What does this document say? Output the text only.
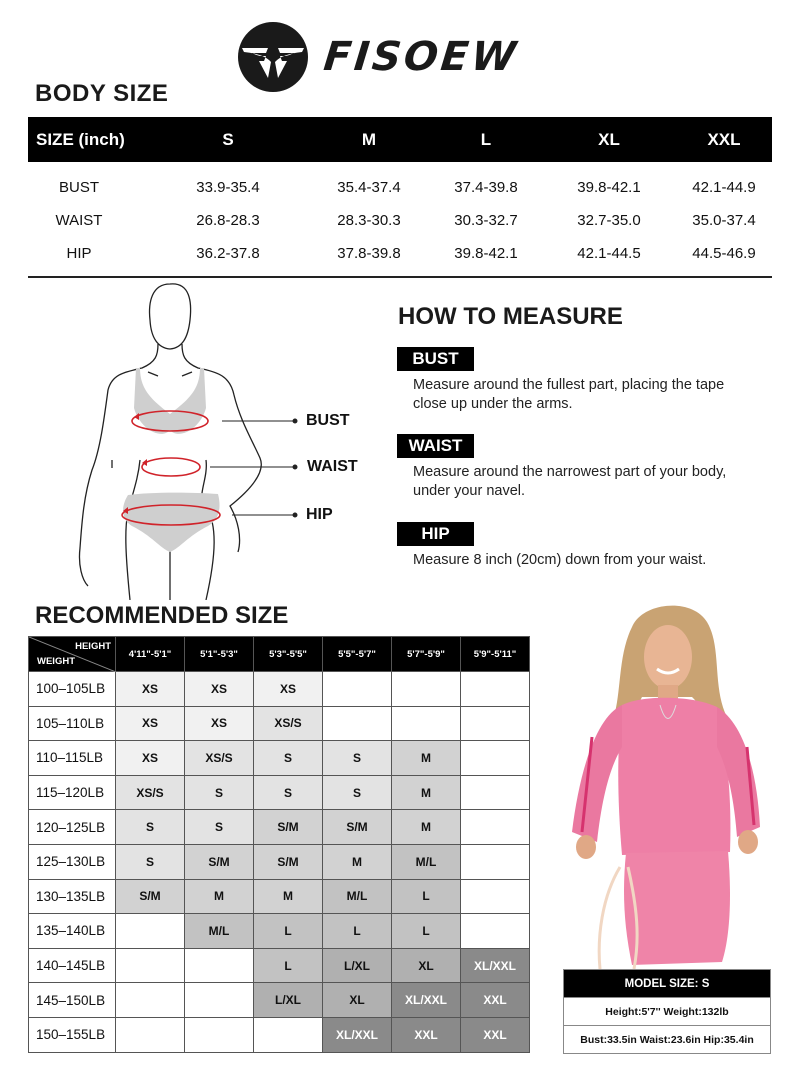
FISOEW
BODY SIZE
SIZE (inch)	S	M	L	XL	XXL
BUST	33.9-35.4	35.4-37.4	37.4-39.8	39.8-42.1	42.1-44.9
WAIST	26.8-28.3	28.3-30.3	30.3-32.7	32.7-35.0	35.0-37.4
HIP	36.2-37.8	37.8-39.8	39.8-42.1	42.1-44.5	44.5-46.9
BUST
WAIST
HIP
HOW TO MEASURE
BUST
Measure around the fullest part, placing the tape
close up under the arms.
WAIST
Measure around the narrowest part of your body,
under your navel.
HIP
Measure 8 inch (20cm) down from your waist.
RECOMMENDED SIZE
HEIGHT
WEIGHT	4'11"-5'1"	5'1"-5'3"	5'3"-5'5"	5'5"-5'7"	5'7"-5'9"	5'9"-5'11"
100–105LB	XS	XS	XS			
105–110LB	XS	XS	XS/S			
110–115LB	XS	XS/S	S	S	M	
115–120LB	XS/S	S	S	S	M	
120–125LB	S	S	S/M	S/M	M	
125–130LB	S	S/M	S/M	M	M/L	
130–135LB	S/M	M	M	M/L	L	
135–140LB		M/L	L	L	L	
140–145LB			L	L/XL	XL	XL/XXL
145–150LB			L/XL	XL	XL/XXL	XXL
150–155LB				XL/XXL	XXL	XXL
MODEL SIZE: S
Height:5'7'' Weight:132lb
Bust:33.5in Waist:23.6in Hip:35.4in
